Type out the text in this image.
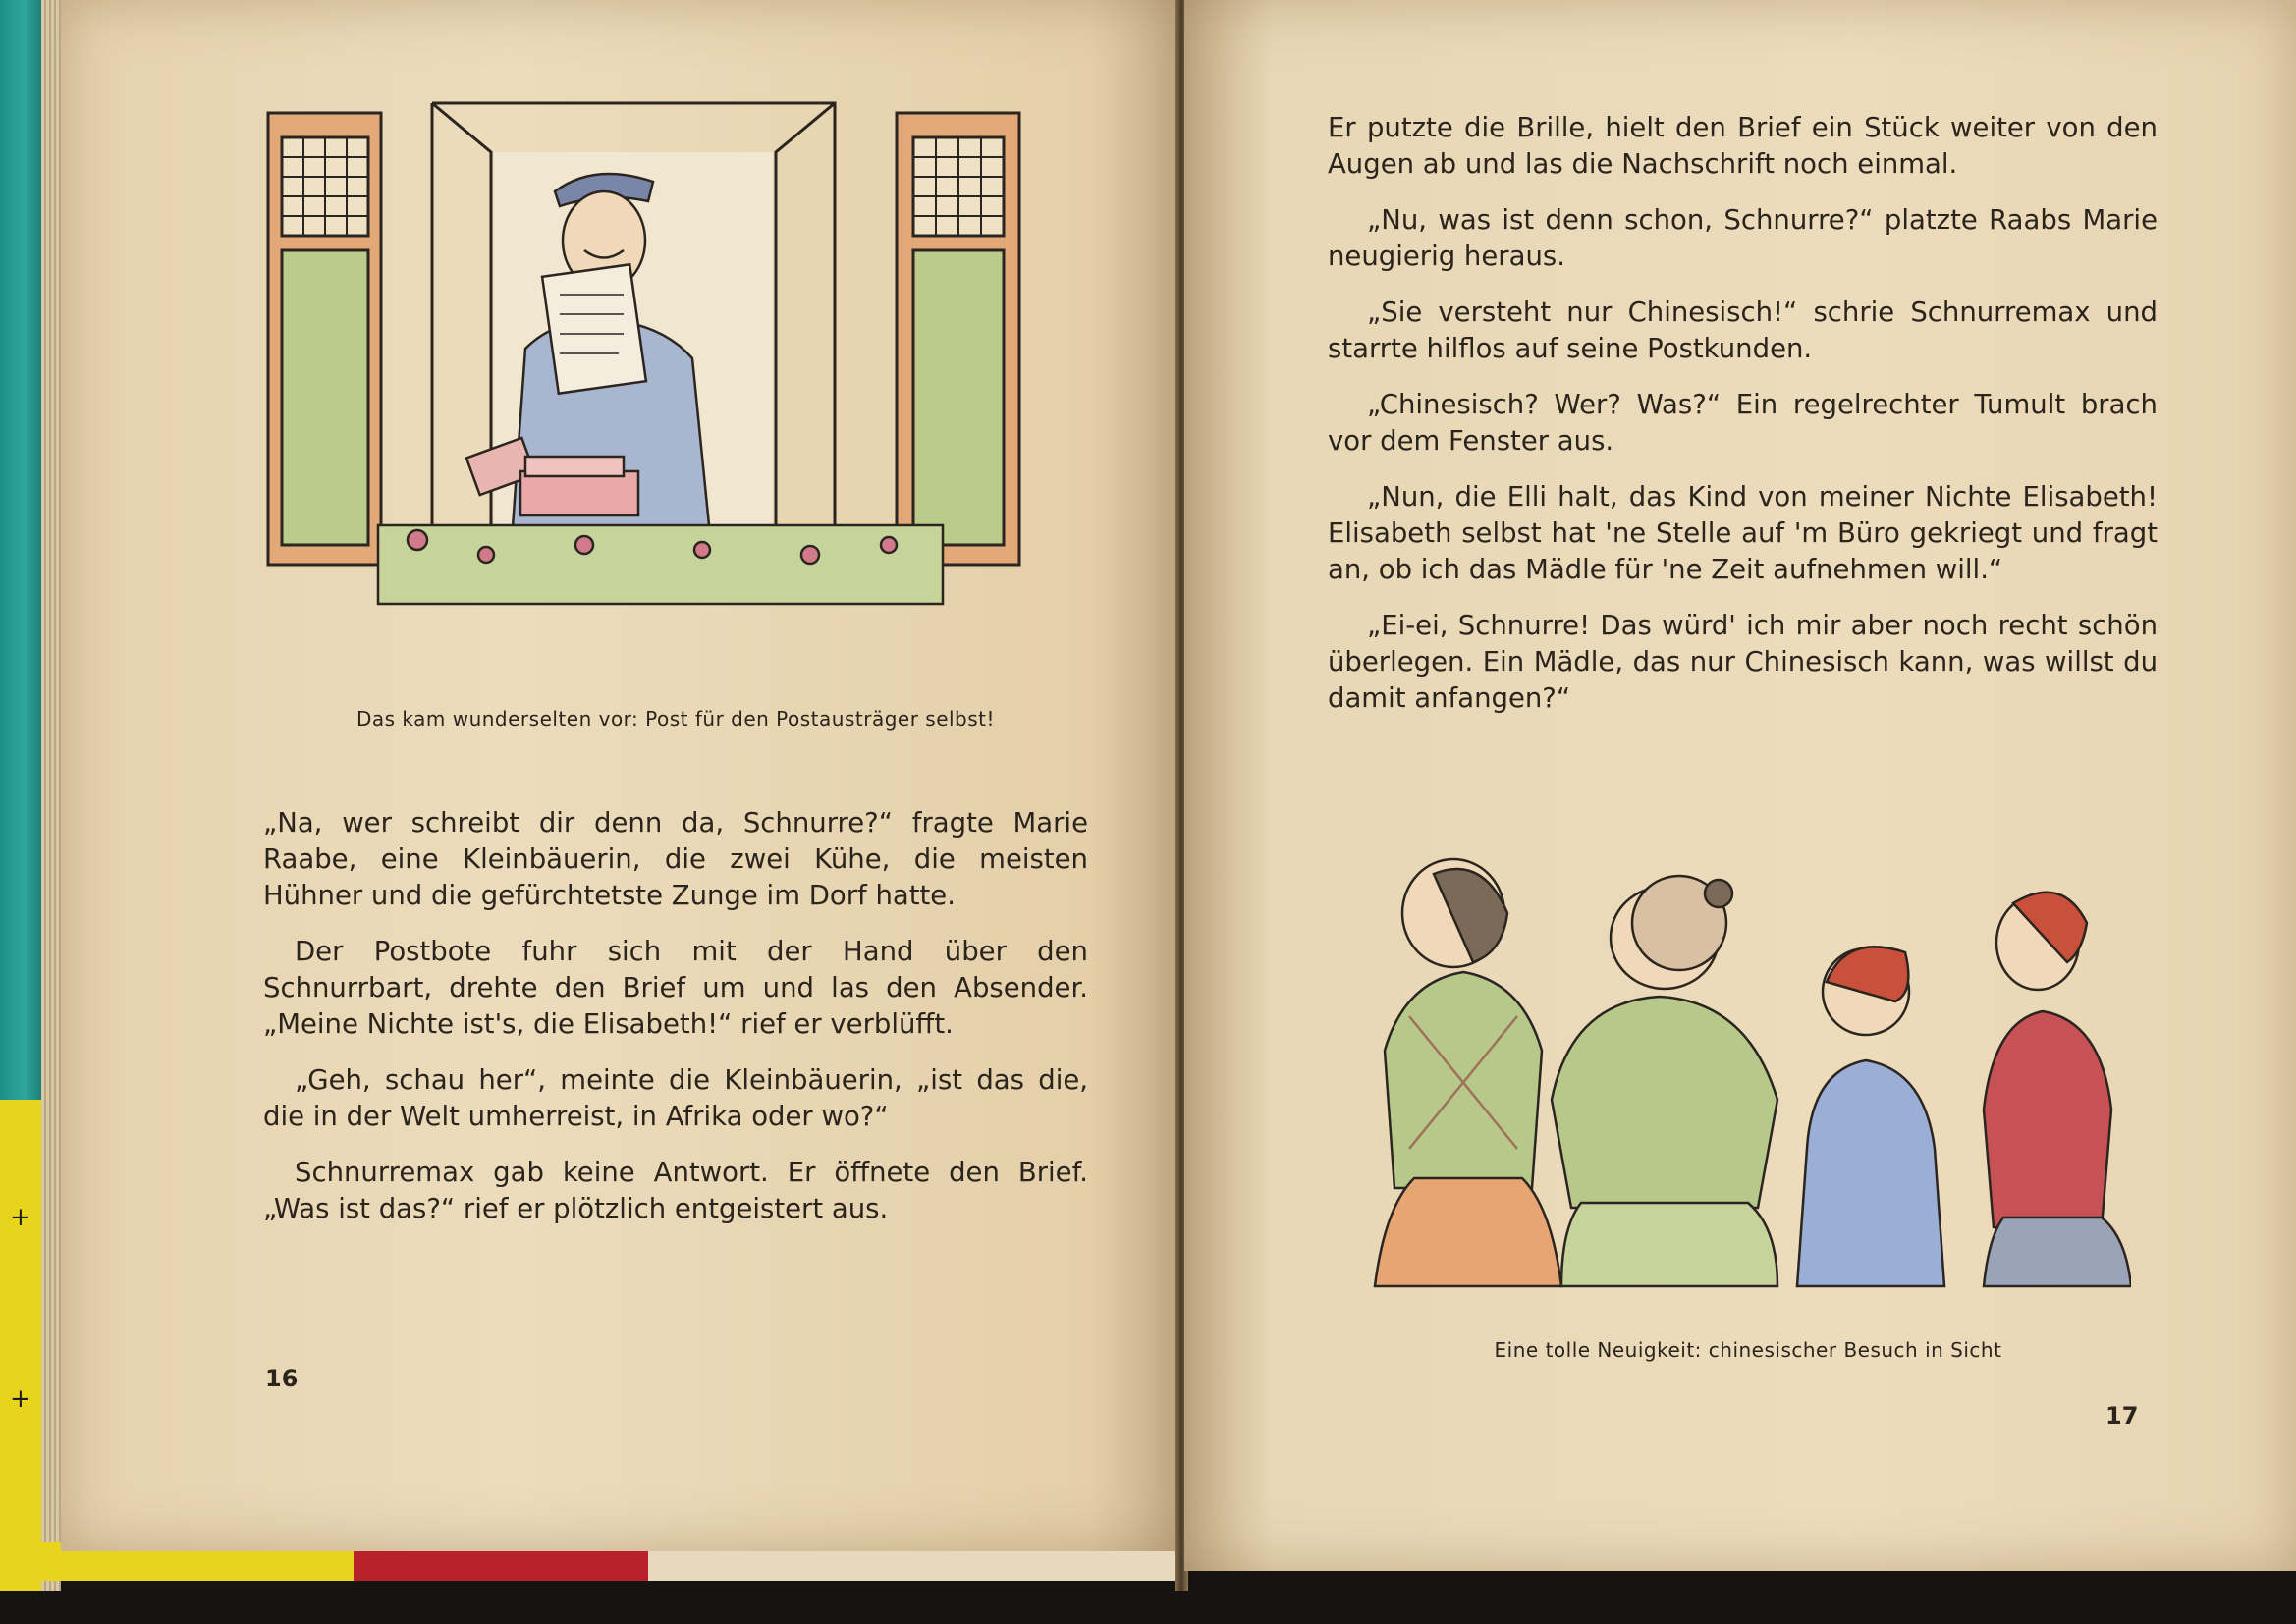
+
+
Das kam wunderselten vor: Post für den Postausträger selbst!

„Na, wer schreibt dir denn da, Schnurre?“ fragte Marie Raabe, eine Kleinbäuerin, die zwei Kühe, die meisten Hühner und die gefürchtetste Zunge im Dorf hatte.

Der Postbote fuhr sich mit der Hand über den Schnurrbart, drehte den Brief um und las den Absender. „Meine Nichte ist's, die Elisabeth!“ rief er verblüfft.

„Geh, schau her“, meinte die Kleinbäuerin, „ist das die, die in der Welt umherreist, in Afrika oder wo?“

Schnurremax gab keine Antwort. Er öffnete den Brief. „Was ist das?“ rief er plötzlich entgeistert aus.

16

Er putzte die Brille, hielt den Brief ein Stück weiter von den Augen ab und las die Nachschrift noch einmal.

„Nu, was ist denn schon, Schnurre?“ platzte Raabs Marie neugierig heraus.

„Sie versteht nur Chinesisch!“ schrie Schnurremax und starrte hilflos auf seine Postkunden.

„Chinesisch? Wer? Was?“ Ein regelrechter Tumult brach vor dem Fenster aus.

„Nun, die Elli halt, das Kind von meiner Nichte Elisabeth! Elisabeth selbst hat 'ne Stelle auf 'm Büro gekriegt und fragt an, ob ich das Mädle für 'ne Zeit aufnehmen will.“

„Ei-ei, Schnurre! Das würd' ich mir aber noch recht schön überlegen. Ein Mädle, das nur Chinesisch kann, was willst du damit anfangen?“

Eine tolle Neuigkeit: chinesischer Besuch in Sicht
17
